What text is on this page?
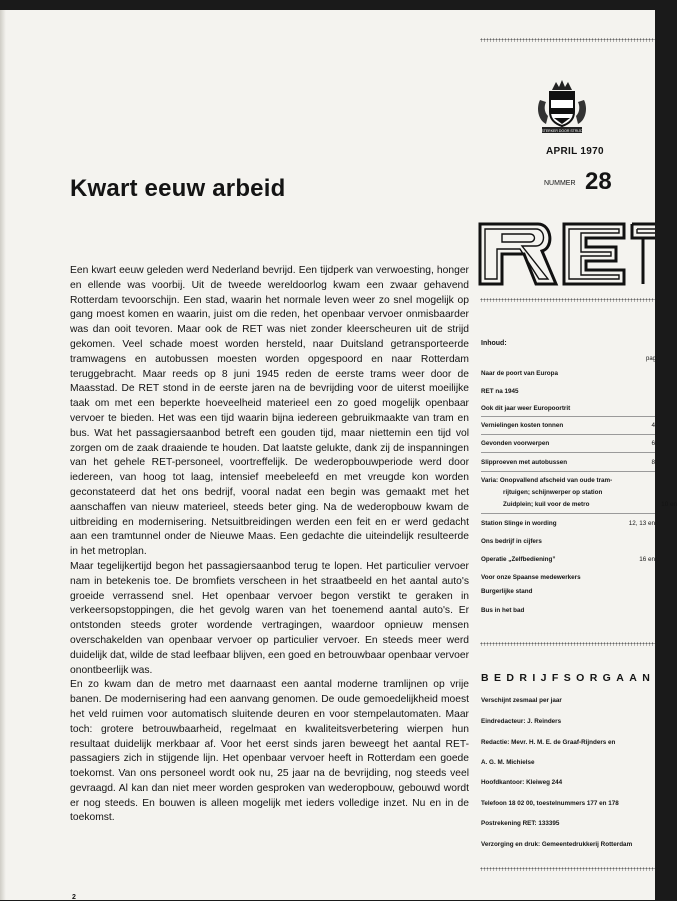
Kwart eeuw arbeid

Een kwart eeuw geleden werd Nederland bevrijd. Een tijdperk van verwoesting, honger en ellende was voorbij. Uit de tweede wereldoorlog kwam een zwaar gehavend Rotterdam tevoorschijn. Een stad, waarin het normale leven weer zo snel mogelijk op gang moest komen en waarin, juist om die reden, het openbaar vervoer onmisbaarder was dan ooit tevoren. Maar ook de RET was niet zonder kleerscheuren uit de strijd gekomen. Veel schade moest worden hersteld, naar Duitsland getransporteerde tramwagens en autobussen moesten worden opgespoord en naar Rotterdam teruggebracht. Maar reeds op 8 juni 1945 reden de eerste trams weer door de Maasstad. De RET stond in de eerste jaren na de bevrijding voor de uiterst moeilijke taak om met een beperkte hoeveelheid materieel een zo goed mogelijk openbaar vervoer te bieden. Het was een tijd waarin bijna iedereen gebruikmaakte van tram en bus. Wat het passagiersaanbod betreft een gouden tijd, maar niettemin een tijd vol zorgen om de zaak draaiende te houden. Dat laatste gelukte, dank zij de inspanningen van het gehele RET-personeel, voortreffelijk. De wederopbouwperiode werd door iedereen, van hoog tot laag, intensief meebeleefd en met vreugde kon worden geconstateerd dat het ons bedrijf, vooral nadat een begin was gemaakt met het aanschaffen van nieuw materieel, steeds beter ging. Na de wederopbouw kwam de uitbreiding en modernisering. Netsuitbreidingen werden een feit en er werd gedacht aan een tramtunnel onder de Nieuwe Maas. Een gedachte die uiteindelijk resulteerde in het metroplan.

Maar tegelijkertijd begon het passagiersaanbod terug te lopen. Het particulier vervoer nam in betekenis toe. De bromfiets verscheen in het straatbeeld en het aantal auto's groeide verrassend snel. Het openbaar vervoer begon verstikt te geraken in verkeersopstoppingen, die het gevolg waren van het toenemend aantal auto's. Er ontstonden steeds groter wordende vertragingen, waardoor opnieuw mensen overschakelden van openbaar vervoer op particulier vervoer. En steeds meer werd duidelijk dat, wilde de stad leefbaar blijven, een goed en betrouwbaar openbaar vervoer onontbeerlijk was.

En zo kwam dan de metro met daarnaast een aantal moderne tramlijnen op vrije banen. De modernisering had een aanvang genomen. De oude gemoedelijkheid moest het veld ruimen voor automatisch sluitende deuren en voor stempelautomaten. Maar toch: grotere betrouwbaarheid, regelmaat en kwaliteitsverbetering wierpen hun resultaat duidelijk merkbaar af. Voor het eerst sinds jaren beweegt het aantal RET-passagiers zich in stijgende lijn. Het openbaar vervoer heeft in Rotterdam een goede toekomst. Van ons personeel wordt ook nu, 25 jaar na de bevrijding, nog steeds veel gevraagd. Al kan dan niet meer worden gesproken van wederopbouw, gebouwd wordt er nog steeds. En bouwen is alleen mogelijk met ieders volledige inzet. Nu en in de toekomst.

2
STERKER DOOR STRIJD
APRIL 1970
NUMMER 28
Inhoud:
pag
Naar de poort van Europa
RET na 1945
Ook dit jaar weer Europoortrit
Vernielingen kosten tonnen	4
Gevonden voorwerpen	6
Slipproeven met autobussen	8
Varia: Onopvallend afscheid van oude tram-
rijtuigen; schijnwerper op station
Zuidplein; kuil voor de metro	10 en
Station Slinge in wording	12, 13 en
Ons bedrijf in cijfers
Operatie „Zelfbediening”	16 en
Voor onze Spaanse medewerkers
Burgerlijke stand
Bus in het bad
BEDRIJFSORGAAN
Verschijnt zesmaal per jaar
Eindredacteur: J. Reinders
Redactie: Mevr. H. M. E. de Graaf-Rijnders en
A. G. M. Michielse
Hoofdkantoor: Kleiweg 244
Telefoon 18 02 00, toestelnummers 177 en 178
Postrekening RET: 133395
Verzorging en druk: Gemeentedrukkerij Rotterdam
